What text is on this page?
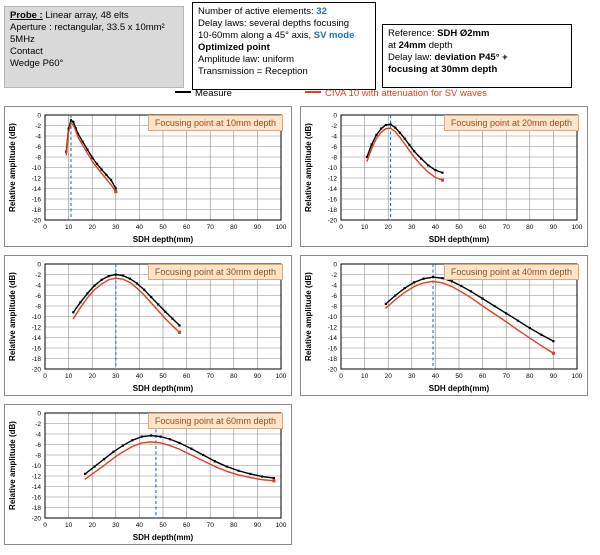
Probe : Linear array, 48 elts
Aperture : rectangular, 33.5 x 10mm²
5MHz
Contact
Wedge P60°
Number of active elements: 32
Delay laws: several depths focusing
10-60mm along a 45° axis, SV mode
Optimized point
Amplitude law: uniform
Transmission = Reception
Reference: SDH Ø2mm
at 24mm depth
Delay law: deviation P45° +
focusing at 30mm depth
Measure	CIVA 10 with attenuation for SV waves
0	10	20	30	40	50	60	70	80	90 100
0
-2
-4
-6
-8
-10
-12
-14
-16
-18
-20
SDH depth(mm)
Relative amplitude (dB)
Focusing point at 10mm depth
0	10	20	30	40	50	60	70	80	90 100
0
-2
-4
-6
-8
-10
-12
-14
-16
-18
-20
SDH depth(mm)
Relative amplitude (dB)
Focusing point at 20mm depth
0	10	20	30	40	50	60	70	80	90 100
0
-2
-4
-6
-8
-10
-12
-14
-16
-18
-20
SDH depth(mm)
Relative amplitude (dB)
Focusing point at 30mm depth
0	10	20	30	40	50	60	70	80	90 100
0
-2
-4
-6
-8
-10
-12
-14
-16
-18
-20
SDH depth(mm)
Relative amplitude (dB)
Focusing point at 40mm depth
0	10	20	30	40	50	60	70	80	90 100
0
-2
-4
-6
-8
-10
-12
-14
-16
-18
-20
SDH depth(mm)
Relative amplitude (dB)
Focusing point at 60mm depth
